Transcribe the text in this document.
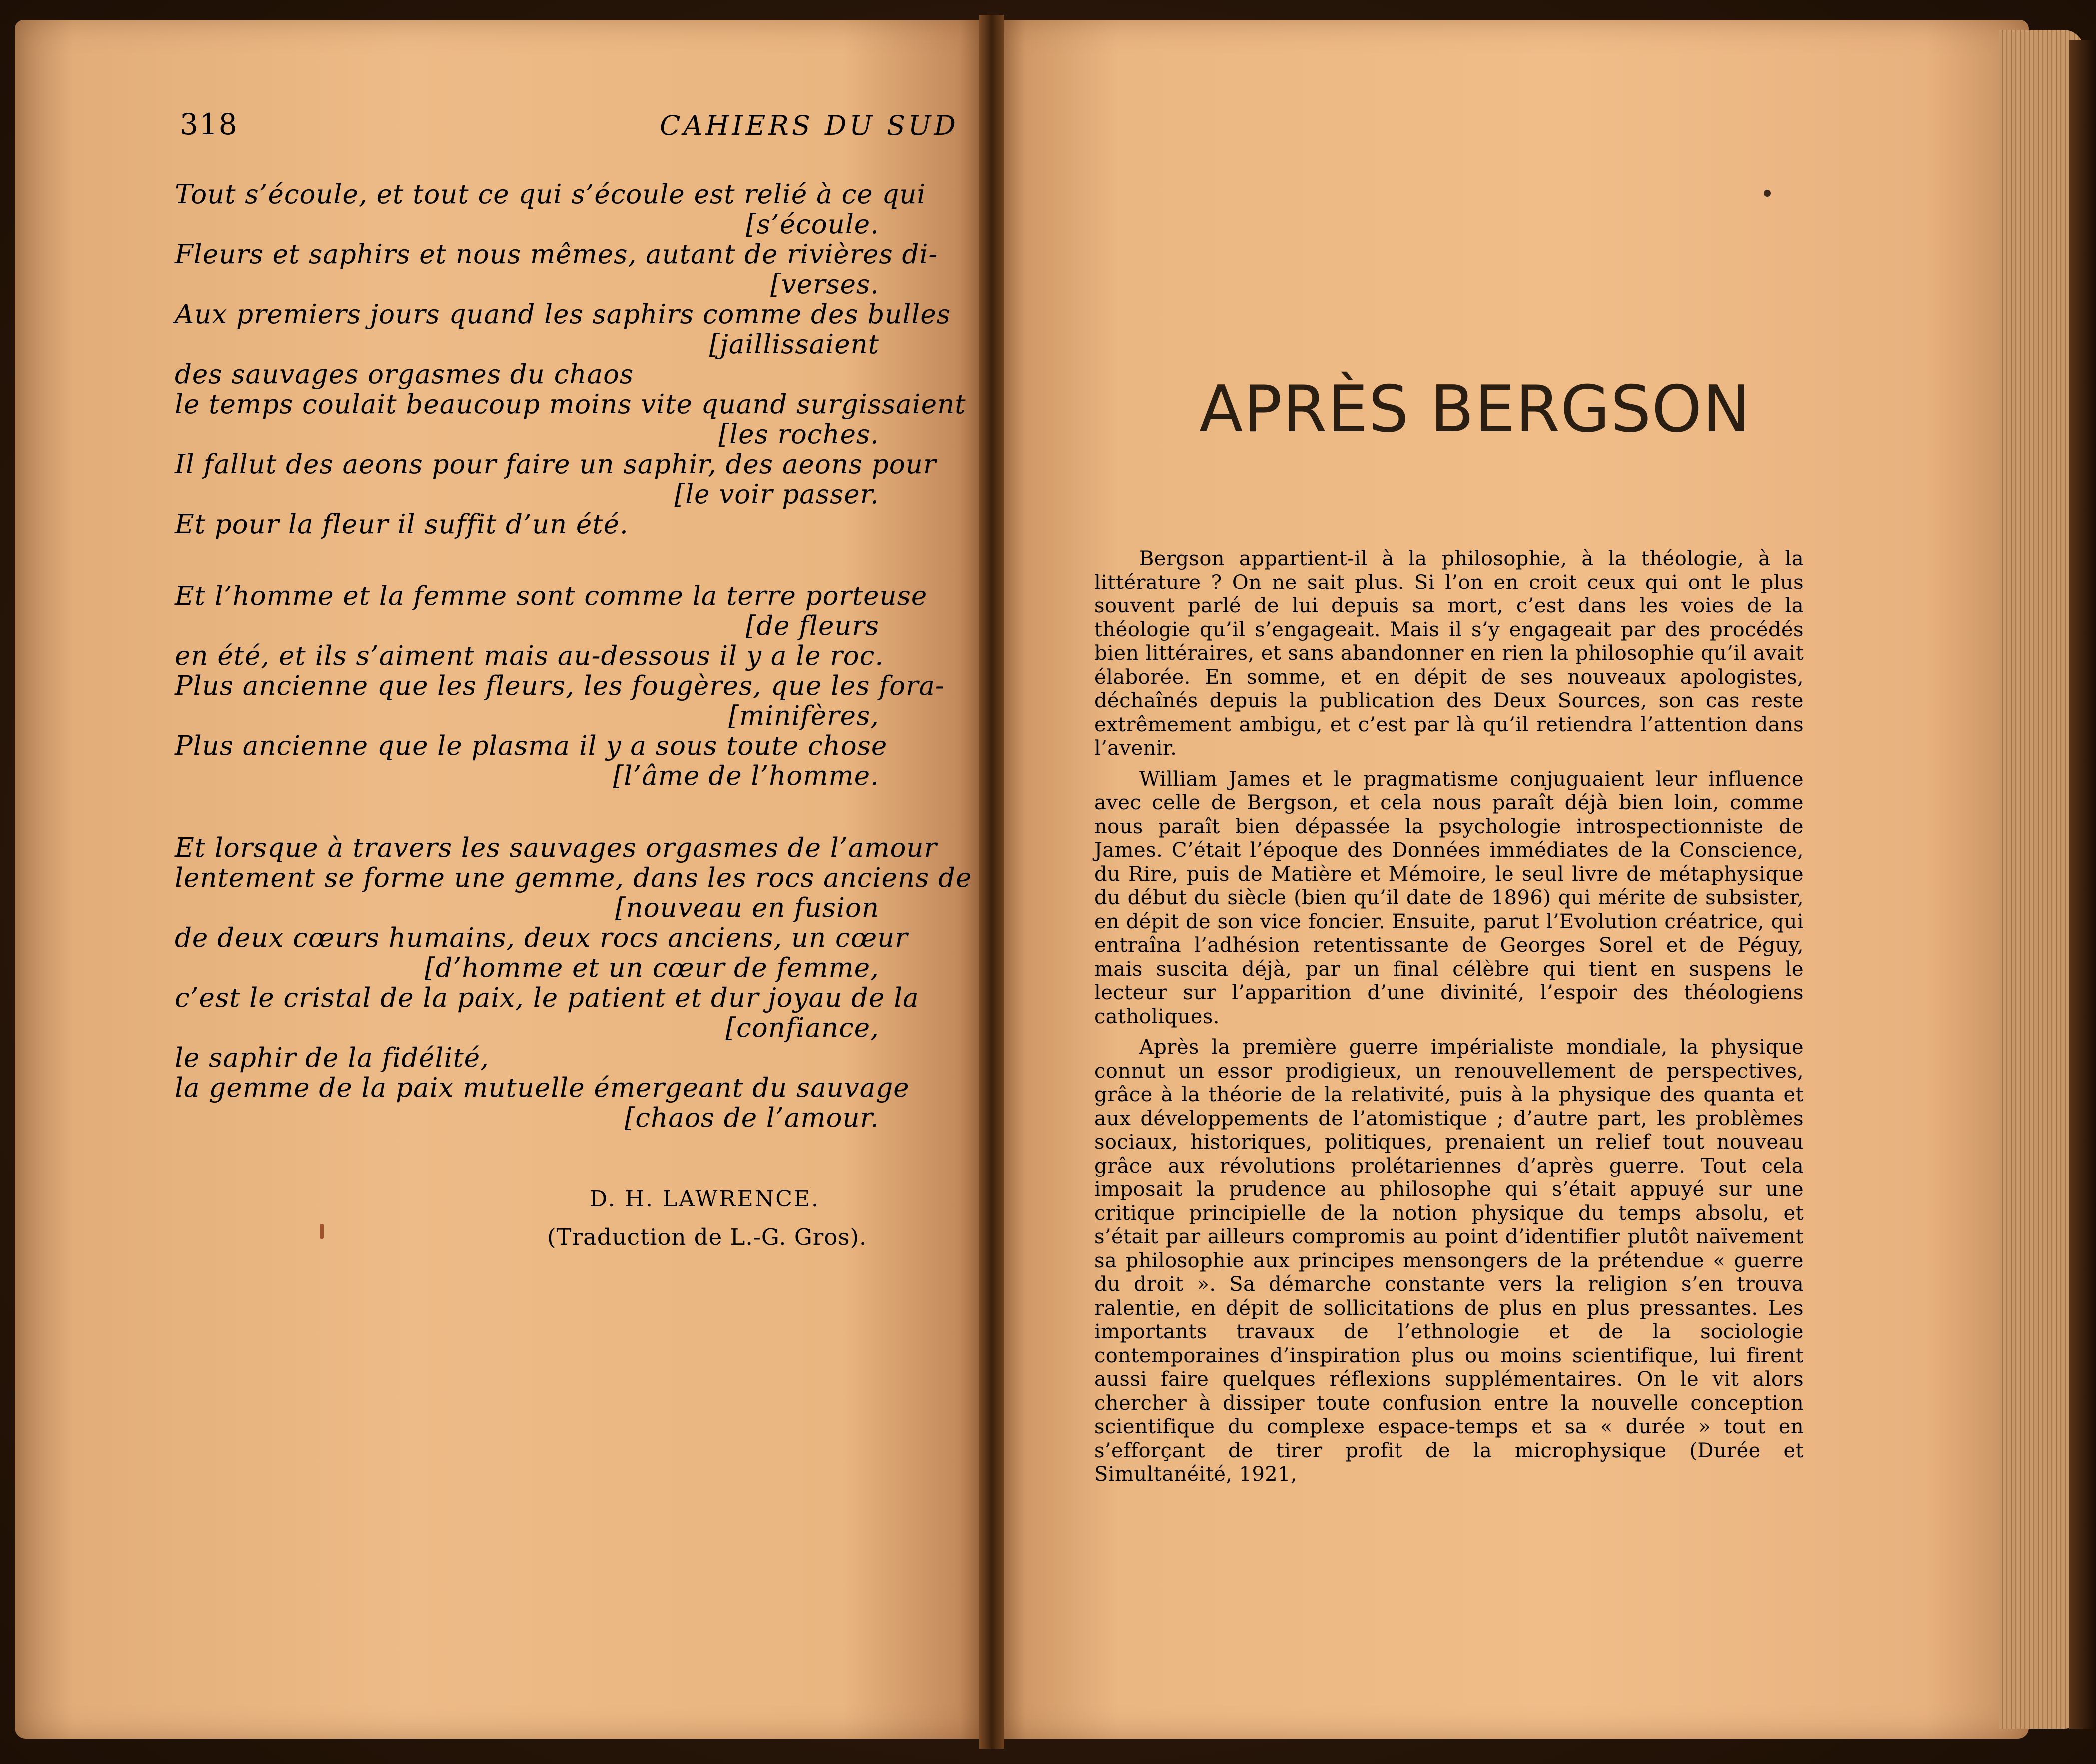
318	CAHIERS DU SUD
Tout s’écoule, et tout ce qui s’écoule est relié à ce qui
[s’écoule.
Fleurs et saphirs et nous mêmes, autant de rivières di-
[verses.
Aux premiers jours quand les saphirs comme des bulles
[jaillissaient
des sauvages orgasmes du chaos
le temps coulait beaucoup moins vite quand surgissaient
[les roches.
Il fallut des aeons pour faire un saphir, des aeons pour
[le voir passer.
Et pour la fleur il suffit d’un été.
Et l’homme et la femme sont comme la terre porteuse
[de fleurs
en été, et ils s’aiment mais au-dessous il y a le roc.
Plus ancienne que les fleurs, les fougères, que les fora-
[minifères,
Plus ancienne que le plasma il y a sous toute chose
[l’âme de l’homme.
Et lorsque à travers les sauvages orgasmes de l’amour
lentement se forme une gemme, dans les rocs anciens de
[nouveau en fusion
de deux cœurs humains, deux rocs anciens, un cœur
[d’homme et un cœur de femme,
c’est le cristal de la paix, le patient et dur joyau de la
[confiance,
le saphir de la fidélité,
la gemme de la paix mutuelle émergeant du sauvage
[chaos de l’amour.
D. H. LAWRENCE.
(Traduction de L.-G. Gros).
APRÈS BERGSON

Bergson appartient-il à la philosophie, à la théologie, à la littérature ? On ne sait plus. Si l’on en croit ceux qui ont le plus souvent parlé de lui depuis sa mort, c’est dans les voies de la théologie qu’il s’engageait. Mais il s’y engageait par des procédés bien littéraires, et sans abandonner en rien la philosophie qu’il avait élaborée. En somme, et en dépit de ses nouveaux apologistes, déchaînés depuis la publication des Deux Sources, son cas reste extrêmement ambigu, et c’est par là qu’il retiendra l’attention dans l’avenir.

William James et le pragmatisme conjuguaient leur influence avec celle de Bergson, et cela nous paraît déjà bien loin, comme nous paraît bien dépassée la psychologie introspectionniste de James. C’était l’époque des Données immédiates de la Conscience, du Rire, puis de Matière et Mémoire, le seul livre de métaphysique du début du siècle (bien qu’il date de 1896) qui mérite de subsister, en dépit de son vice foncier. Ensuite, parut l’Evolution créatrice, qui entraîna l’adhésion retentissante de Georges Sorel et de Péguy, mais suscita déjà, par un final célèbre qui tient en suspens le lecteur sur l’apparition d’une divinité, l’espoir des théologiens catholiques.

Après la première guerre impérialiste mondiale, la physique connut un essor prodigieux, un renouvellement de perspectives, grâce à la théorie de la relativité, puis à la physique des quanta et aux développements de l’atomistique ; d’autre part, les problèmes sociaux, historiques, politiques, prenaient un relief tout nouveau grâce aux révolutions prolétariennes d’après guerre. Tout cela imposait la prudence au philosophe qui s’était appuyé sur une critique principielle de la notion physique du temps absolu, et s’était par ailleurs compromis au point d’identifier plutôt naïvement sa philosophie aux principes mensongers de la prétendue « guerre du droit ». Sa démarche constante vers la religion s’en trouva ralentie, en dépit de sollicitations de plus en plus pressantes. Les importants travaux de l’ethnologie et de la sociologie contemporaines d’inspiration plus ou moins scientifique, lui firent aussi faire quelques réflexions supplémentaires. On le vit alors chercher à dissiper toute confusion entre la nouvelle conception scientifique du complexe espace-temps et sa « durée » tout en s’efforçant de tirer profit de la microphysique (Durée et Simultanéité, 1921,
